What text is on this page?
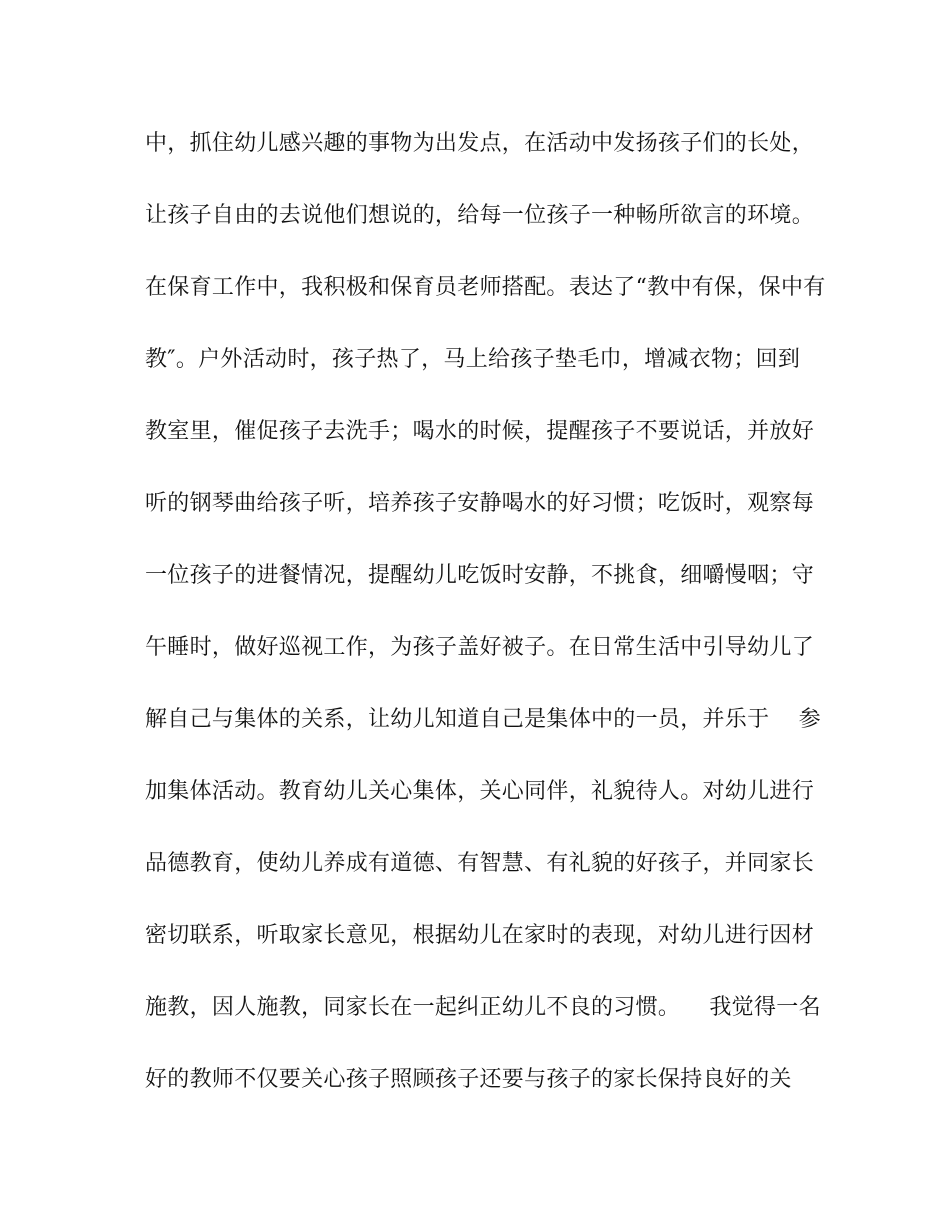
中，抓住幼儿感兴趣的事物为出发点，在活动中发扬孩子们的长处，
让孩子自由的去说他们想说的，给每一位孩子一种畅所欲言的环境。
在保育工作中，我积极和保育员老师搭配。表达了“教中有保，保中有
教″。户外活动时，孩子热了，马上给孩子垫毛巾，增减衣物；回到
教室里，催促孩子去洗手；喝水的时候，提醒孩子不要说话，并放好
听的钢琴曲给孩子听，培养孩子安静喝水的好习惯；吃饭时，观察每
一位孩子的进餐情况，提醒幼儿吃饭时安静，不挑食，细嚼慢咽；守
午睡时，做好巡视工作，为孩子盖好被子。在日常生活中引导幼儿了
解自己与集体的关系，让幼儿知道自己是集体中的一员，并乐于    参
加集体活动。教育幼儿关心集体，关心同伴，礼貌待人。对幼儿进行
品德教育，使幼儿养成有道德、有智慧、有礼貌的好孩子，并同家长
密切联系，听取家长意见，根据幼儿在家时的表现，对幼儿进行因材
施教，因人施教，同家长在一起纠正幼儿不良的习惯。    我觉得一名
好的教师不仅要关心孩子照顾孩子还要与孩子的家长保持良好的关
